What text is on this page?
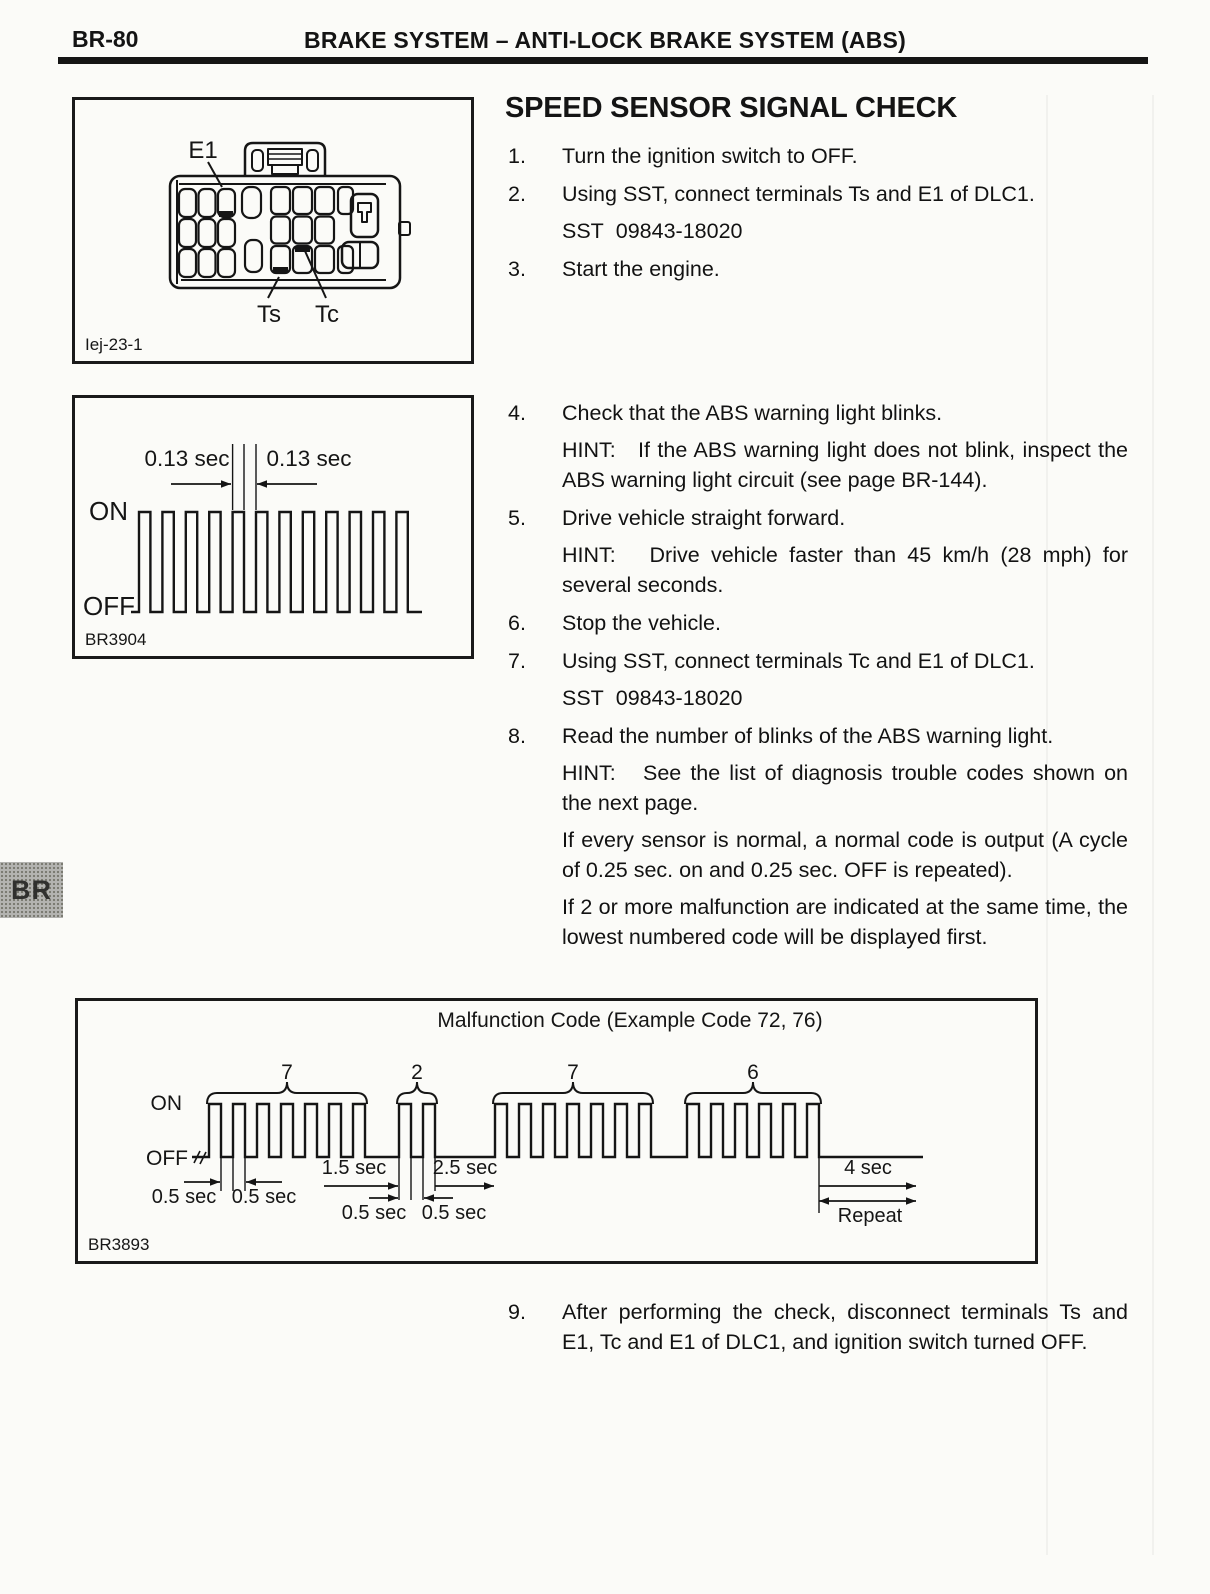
BR-80	BRAKE SYSTEM – ANTI-LOCK BRAKE SYSTEM (ABS)
E1
Ts Tc
Iej-23-1
ON
OFF
0.13 sec 0.13 sec
BR3904
SPEED SENSOR SIGNAL CHECK
1.	Turn the ignition switch to OFF.

2.	Using SST, connect terminals Ts and E1 of DLC1.

SST  09843-18020

3.	Start the engine.

4.	Check that the ABS warning light blinks.

HINT:   If the ABS warning light does not blink, inspect the ABS warning light circuit (see page BR-144).

5.	Drive vehicle straight forward.

HINT:   Drive vehicle faster than 45 km/h (28 mph) for several seconds.

6.	Stop the vehicle.

7.	Using SST, connect terminals Tc and E1 of DLC1.

SST  09843-18020

8.	Read the number of blinks of the ABS warning light.

HINT:   See the list of diagnosis trouble codes shown on the next page.

If every sensor is normal, a normal code is output (A cycle of 0.25 sec. on and 0.25 sec. OFF is repeated).

If 2 or more malfunction are indicated at the same time, the lowest numbered code will be displayed first.

BR
Malfunction Code (Example Code 72, 76)
ON
OFF
7	2	7	6
0.5 sec 0.5 sec
1.5 sec 2.5 sec
0.5 sec 0.5 sec
4 sec
Repeat
BR3893
9.	After performing the check, disconnect terminals Ts and E1, Tc and E1 of DLC1, and ignition switch turned OFF.
